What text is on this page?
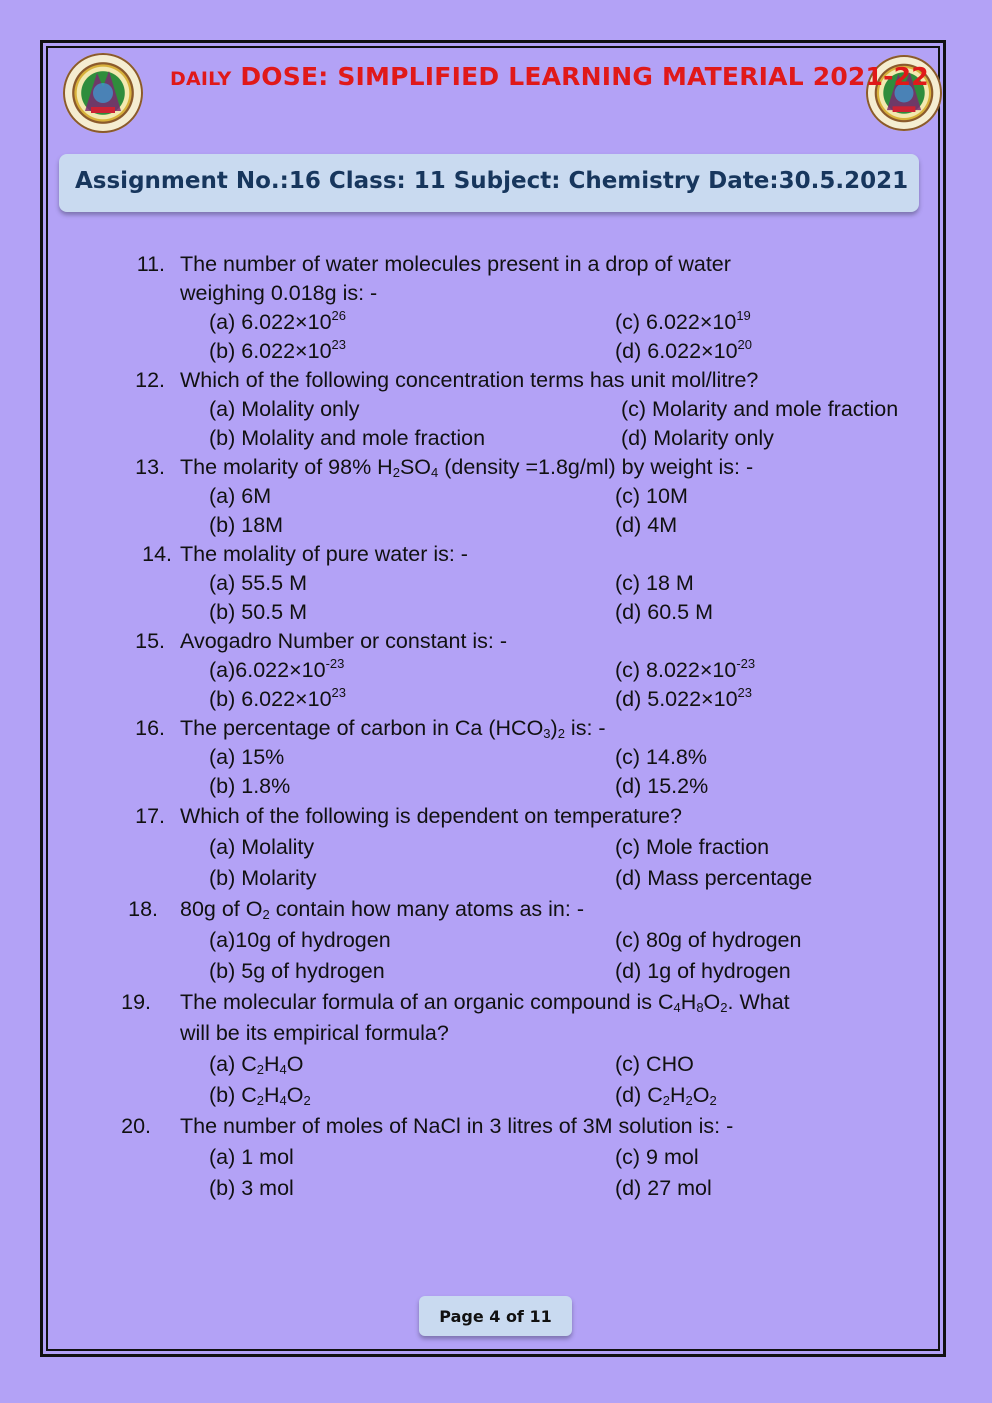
DAILY DOSE: SIMPLIFIED LEARNING MATERIAL 2021-22
Assignment No.:16 Class: 11 Subject: Chemistry Date:30.5.2021
11. The number of water molecules present in a drop of water
weighing 0.018g is: -
(a) $6.022\times 10^{26}$	(c) $6.022\times 10^{19}$
(b) $6.022\times 10^{23}$	(d) $6.022\times 10^{20}$
12. Which of the following concentration terms has unit mol/litre?
(a) Molality only	(c) Molarity and mole fraction
(b) Molality and mole fraction	(d) Molarity only
13. The molarity of 98% $H_2SO_4$ (density =1.8g/ml) by weight is: -
(a) 6M	(c) 10M
(b) 18M	(d) 4M
14. The molality of pure water is: -
(a) 55.5 M	(c) 18 M
(b) 50.5 M	(d) 60.5 M
15. Avogadro Number or constant is: -
$(a)6.022\times 10^{-23}$	(c) $8.022\times 10^{-23}$
(b) $6.022\times 10^{23}$	(d) $5.022\times 10^{23}$
16. The percentage of carbon in Ca $(HCO_3)_2$ is: -
(a) 15%	(c) 14.8%
(b) 1.8%	(d) 15.2%
17. Which of the following is dependent on temperature?
(a) Molality	(c) Mole fraction
(b) Molarity	(d) Mass percentage
18. 80g of $O_2$ contain how many atoms as in: -
(a)10g of hydrogen	(c) 80g of hydrogen
(b) 5g of hydrogen	(d) 1g of hydrogen
19. The molecular formula of an organic compound is $C_4H_8O_2$. What
will be its empirical formula?
(a) $C_2H_4O$	(c) CHO
(b) $C_2H_4O_2$	(d) $C_2H_2O_2$
20. The number of moles of NaCl in 3 litres of 3M solution is: -
(a) 1 mol	(c) 9 mol
(b) 3 mol	(d) 27 mol
Page 4 of 11
